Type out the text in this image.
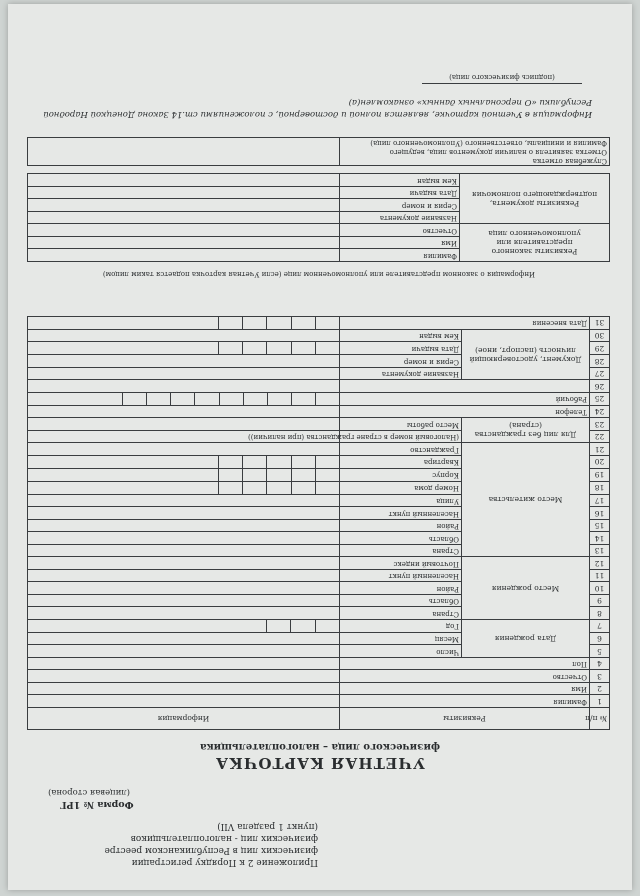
Приложение 2 к Порядку регистрации
физических лиц в Республиканском реестре
физических лиц - налогоплательщиков
(пункт 1 раздела VII)
Форма № 1РГ
(лицевая сторона)
УЧЕТНАЯ КАРТОЧКА
физического лица – налогоплательщика
№ п/п	Реквизиты		Информация
1	Фамилия		
2	Имя		
3	Отчество		
4	Пол		
5	Дата рождения	Число	
6		Месяц	
7		Год	

8	Место рождения	Страна	
9		Область	
10		Район	
11		Населенный пункт	
12		Почтовый индекс	
13	Место жительства	Страна	
14		Область	
15		Район	
16		Населенный пункт	
17		Улица	
18		Номер дома	

19		Корпус	

20		Квартира	

21		Гражданство	
22	Для лиц без гражданства (страна)	(Налоговый номер в стране гражданства (при наличии))	
23		Место работы	
24	Телефон		
25	Рабочий		

26			
27	Документ, удостоверяющий личность (паспорт, иное)	Название документа	
28		Серия и номер	
29		Дата выдачи	

30		Кем выдан	
31	Дата внесения		
Информация о законном представителе или уполномоченном лице (если Учетная карточка подается таким лицом)
Реквизиты законного представителя или уполномоченного лица	Фамилия	
	Имя	
	Отчество	
Реквизиты документа, подтверждающего полномочия	Название документа	
	Серия и номер	
	Дата выдачи	
	Кем выдан	
Служебная отметка
Отметка заявителя о наличии документов лица, ведущего
Фамилия и инициалы, ответственного (Уполномоченного лица)

Информация в Учетной карточке, является полной и достоверной, с положениями ст.14 Закона Донецкой Народной Республики «О персональных данных» ознакомлен(а)
(подпись физического лица)
